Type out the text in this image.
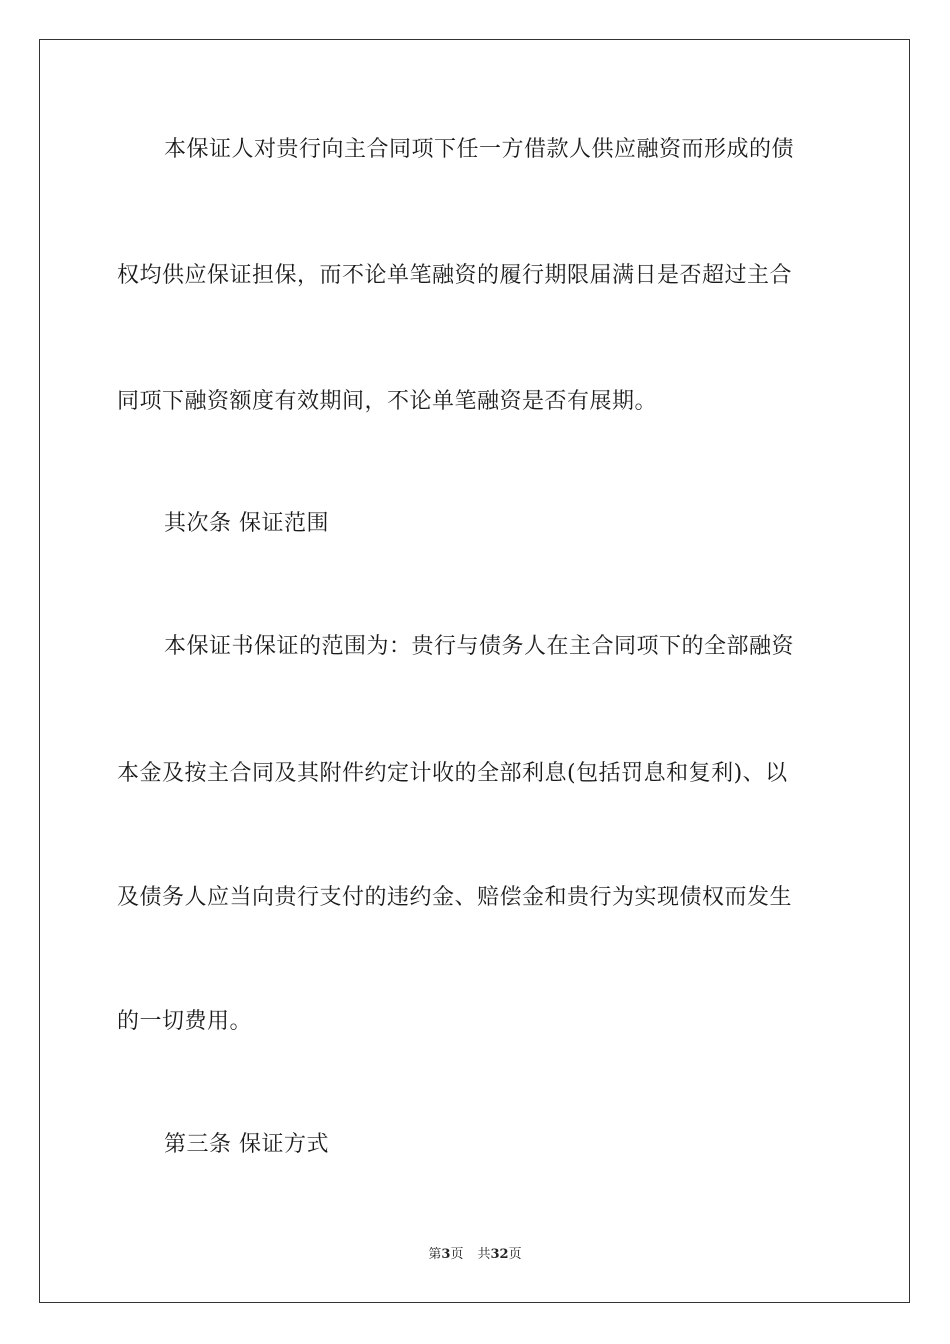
本保证人对贵行向主合同项下任一方借款人供应融资而形成的债
权均供应保证担保，而不论单笔融资的履行期限届满日是否超过主合
同项下融资额度有效期间，不论单笔融资是否有展期。
其次条 保证范围
本保证书保证的范围为：贵行与债务人在主合同项下的全部融资
本金及按主合同及其附件约定计收的全部利息(包括罚息和复利)、以
及债务人应当向贵行支付的违约金、赔偿金和贵行为实现债权而发生
的一切费用。
第三条 保证方式
第3页 共32页
